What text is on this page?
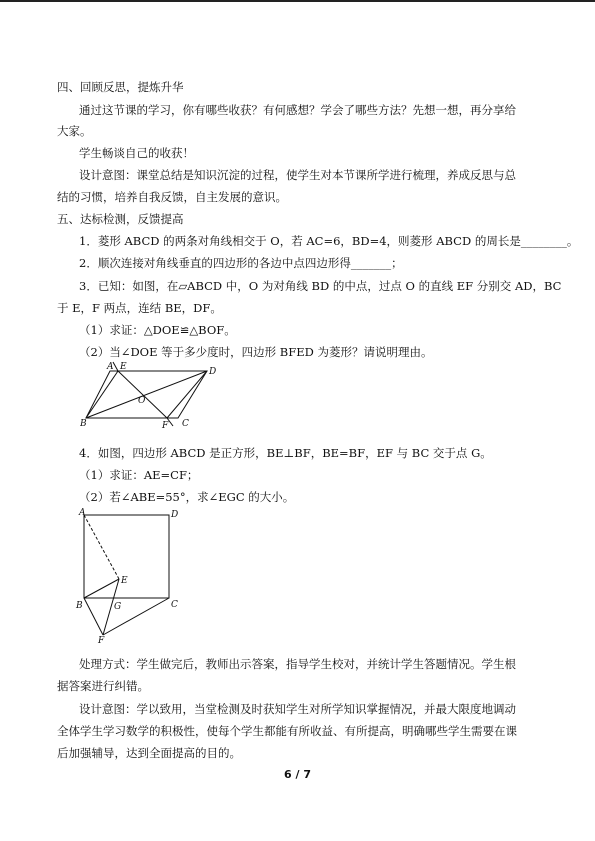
四、回顾反思，提炼升华
通过这节课的学习，你有哪些收获？有何感想？学会了哪些方法？先想一想，再分享给
大家。
学生畅谈自己的收获！
设计意图：课堂总结是知识沉淀的过程，使学生对本节课所学进行梳理，养成反思与总
结的习惯，培养自我反馈，自主发展的意识。
五、达标检测，反馈提高
1．菱形 ABCD 的两条对角线相交于 O，若 AC=6，BD=4，则菱形 ABCD 的周长是________。
2．顺次连接对角线垂直的四边形的各边中点四边形得_______；
3．已知：如图，在▱ABCD 中，O 为对角线 BD 的中点，过点 O 的直线 EF 分别交 AD，BC
于 E，F 两点，连结 BE，DF。
（1）求证：△DOE≌△BOF。
（2）当∠DOE 等于多少度时，四边形 BFED 为菱形？请说明理由。
A E	D
O
B	F C
4．如图，四边形 ABCD 是正方形，BE⊥BF，BE=BF，EF 与 BC 交于点 G。
（1）求证：AE=CF；
（2）若∠ABE=55°，求∠EGC 的大小。
A	D
E
B	G	C
F
处理方式：学生做完后，教师出示答案，指导学生校对，并统计学生答题情况。学生根
据答案进行纠错。
设计意图：学以致用，当堂检测及时获知学生对所学知识掌握情况，并最大限度地调动
全体学生学习数学的积极性，使每个学生都能有所收益、有所提高，明确哪些学生需要在课
后加强辅导，达到全面提高的目的。
6 / 7
